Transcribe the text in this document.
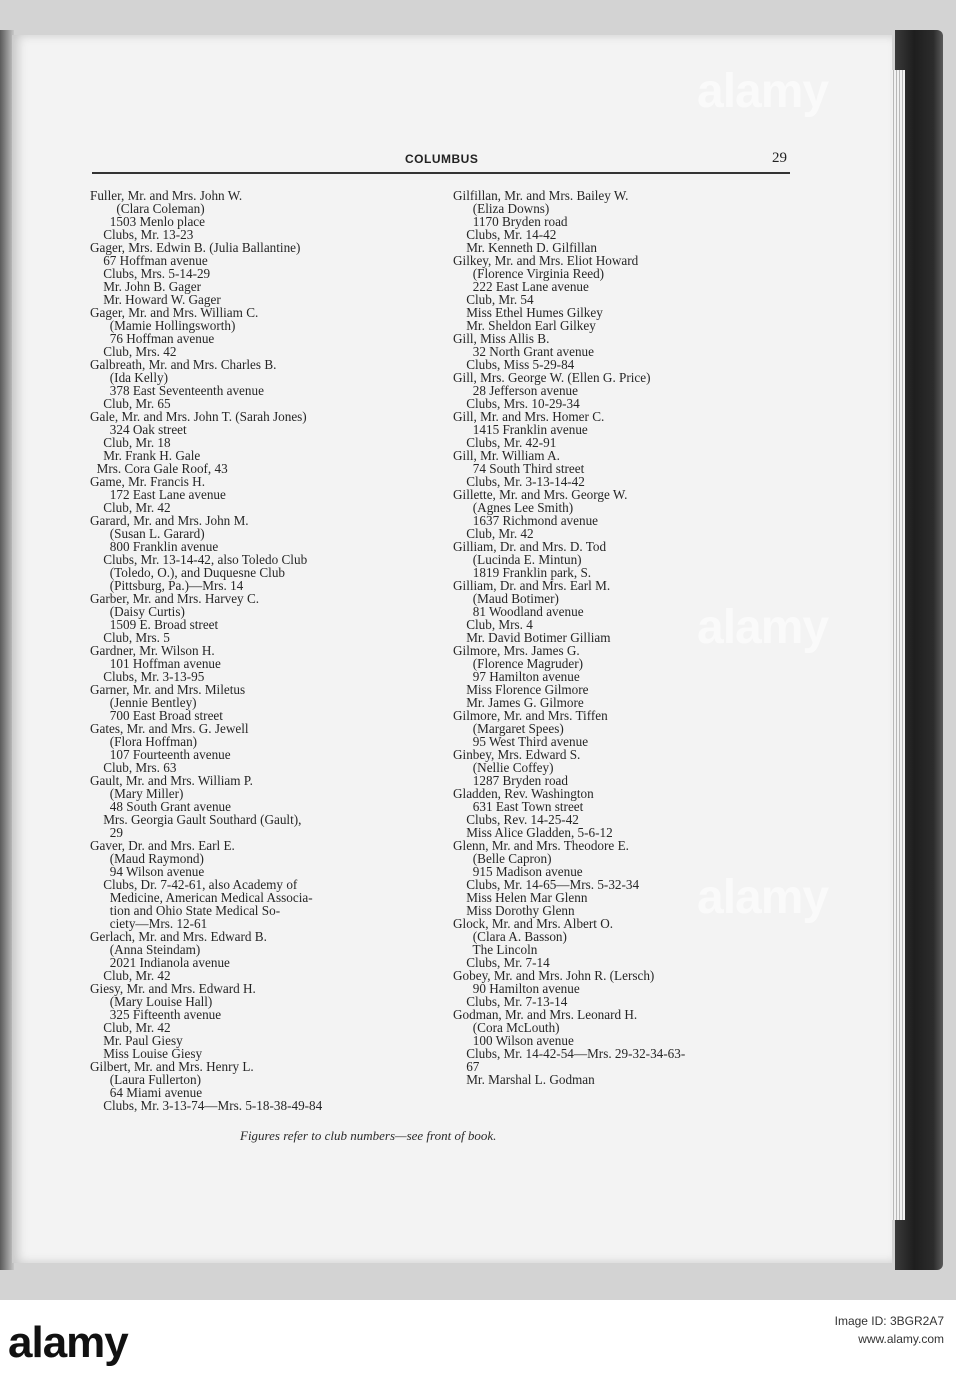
COLUMBUS	29
Fuller, Mr. and Mrs. John W.
(Clara Coleman)
1503 Menlo place
Clubs, Mr. 13-23
Gager, Mrs. Edwin B. (Julia Ballantine)
67 Hoffman avenue
Clubs, Mrs. 5-14-29
Mr. John B. Gager
Mr. Howard W. Gager
Gager, Mr. and Mrs. William C.
(Mamie Hollingsworth)
76 Hoffman avenue
Club, Mrs. 42
Galbreath, Mr. and Mrs. Charles B.
(Ida Kelly)
378 East Seventeenth avenue
Club, Mr. 65
Gale, Mr. and Mrs. John T. (Sarah Jones)
324 Oak street
Club, Mr. 18
Mr. Frank H. Gale
Mrs. Cora Gale Roof, 43
Game, Mr. Francis H.
172 East Lane avenue
Club, Mr. 42
Garard, Mr. and Mrs. John M.
(Susan L. Garard)
800 Franklin avenue
Clubs, Mr. 13-14-42, also Toledo Club
(Toledo, O.), and Duquesne Club
(Pittsburg, Pa.)—Mrs. 14
Garber, Mr. and Mrs. Harvey C.
(Daisy Curtis)
1509 E. Broad street
Club, Mrs. 5
Gardner, Mr. Wilson H.
101 Hoffman avenue
Clubs, Mr. 3-13-95
Garner, Mr. and Mrs. Miletus
(Jennie Bentley)
700 East Broad street
Gates, Mr. and Mrs. G. Jewell
(Flora Hoffman)
107 Fourteenth avenue
Club, Mrs. 63
Gault, Mr. and Mrs. William P.
(Mary Miller)
48 South Grant avenue
Mrs. Georgia Gault Southard (Gault),
29
Gaver, Dr. and Mrs. Earl E.
(Maud Raymond)
94 Wilson avenue
Clubs, Dr. 7-42-61, also Academy of
Medicine, American Medical Associa-
tion and Ohio State Medical So-
ciety—Mrs. 12-61
Gerlach, Mr. and Mrs. Edward B.
(Anna Steindam)
2021 Indianola avenue
Club, Mr. 42
Giesy, Mr. and Mrs. Edward H.
(Mary Louise Hall)
325 Fifteenth avenue
Club, Mr. 42
Mr. Paul Giesy
Miss Louise Giesy
Gilbert, Mr. and Mrs. Henry L.
(Laura Fullerton)
64 Miami avenue
Clubs, Mr. 3-13-74—Mrs. 5-18-38-49-84
Gilfillan, Mr. and Mrs. Bailey W.
(Eliza Downs)
1170 Bryden road
Clubs, Mr. 14-42
Mr. Kenneth D. Gilfillan
Gilkey, Mr. and Mrs. Eliot Howard
(Florence Virginia Reed)
222 East Lane avenue
Club, Mr. 54
Miss Ethel Humes Gilkey
Mr. Sheldon Earl Gilkey
Gill, Miss Allis B.
32 North Grant avenue
Clubs, Miss 5-29-84
Gill, Mrs. George W. (Ellen G. Price)
28 Jefferson avenue
Clubs, Mrs. 10-29-34
Gill, Mr. and Mrs. Homer C.
1415 Franklin avenue
Clubs, Mr. 42-91
Gill, Mr. William A.
74 South Third street
Clubs, Mr. 3-13-14-42
Gillette, Mr. and Mrs. George W.
(Agnes Lee Smith)
1637 Richmond avenue
Club, Mr. 42
Gilliam, Dr. and Mrs. D. Tod
(Lucinda E. Mintun)
1819 Franklin park, S.
Gilliam, Dr. and Mrs. Earl M.
(Maud Botimer)
81 Woodland avenue
Club, Mrs. 4
Mr. David Botimer Gilliam
Gilmore, Mrs. James G.
(Florence Magruder)
97 Hamilton avenue
Miss Florence Gilmore
Mr. James G. Gilmore
Gilmore, Mr. and Mrs. Tiffen
(Margaret Spees)
95 West Third avenue
Ginbey, Mrs. Edward S.
(Nellie Coffey)
1287 Bryden road
Gladden, Rev. Washington
631 East Town street
Clubs, Rev. 14-25-42
Miss Alice Gladden, 5-6-12
Glenn, Mr. and Mrs. Theodore E.
(Belle Capron)
915 Madison avenue
Clubs, Mr. 14-65—Mrs. 5-32-34
Miss Helen Mar Glenn
Miss Dorothy Glenn
Glock, Mr. and Mrs. Albert O.
(Clara A. Basson)
The Lincoln
Clubs, Mr. 7-14
Gobey, Mr. and Mrs. John R. (Lersch)
90 Hamilton avenue
Clubs, Mr. 7-13-14
Godman, Mr. and Mrs. Leonard H.
(Cora McLouth)
100 Wilson avenue
Clubs, Mr. 14-42-54—Mrs. 29-32-34-63-
67
Mr. Marshal L. Godman
Figures refer to club numbers—see front of book.
alamy
alamy
alamy
alamy	Image ID: 3BGR2A7
www.alamy.com
